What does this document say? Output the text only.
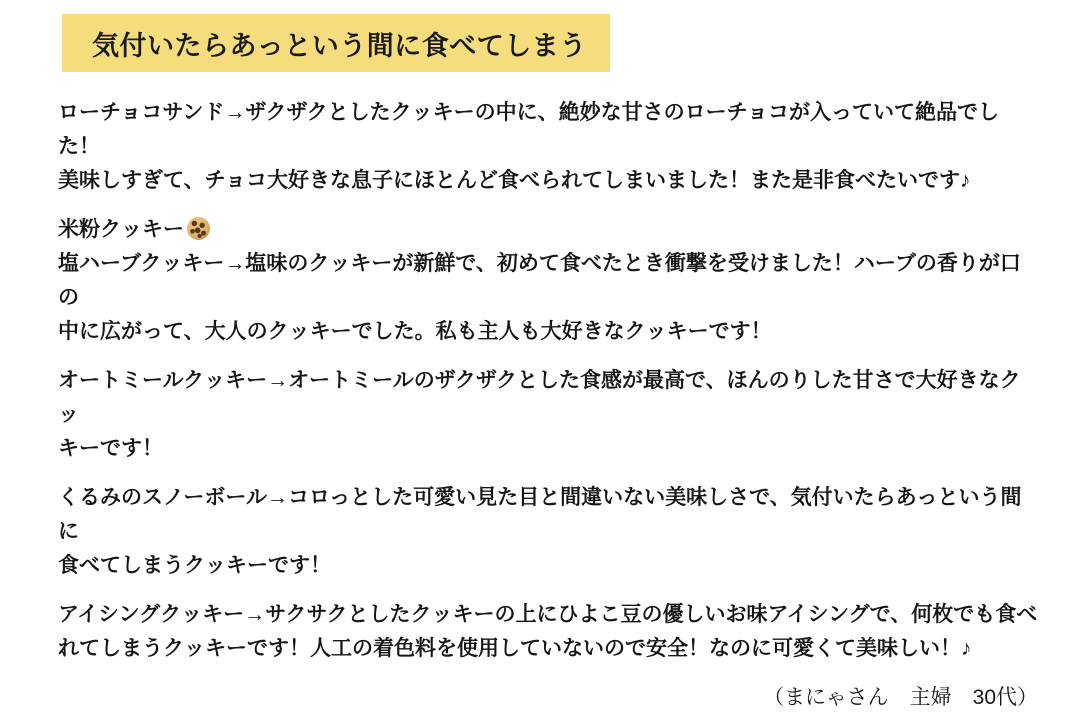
気付いたらあっという間に食べてしまう
ローチョコサンド→ザクザクとしたクッキーの中に、絶妙な甘さのローチョコが入っていて絶品でした！
美味しすぎて、チョコ大好きな息子にほとんど食べられてしまいました！また是非食べたいです♪
米粉クッキー
塩ハーブクッキー→塩味のクッキーが新鮮で、初めて食べたとき衝撃を受けました！ハーブの香りが口の
中に広がって、大人のクッキーでした。私も主人も大好きなクッキーです！
オートミールクッキー→オートミールのザクザクとした食感が最高で、ほんのりした甘さで大好きなクッ
キーです！
くるみのスノーボール→コロっとした可愛い見た目と間違いない美味しさで、気付いたらあっという間に
食べてしまうクッキーです！
アイシングクッキー→サクサクとしたクッキーの上にひよこ豆の優しいお味アイシングで、何枚でも食べ
れてしまうクッキーです！人工の着色料を使用していないので安全！なのに可愛くて美味しい！♪
（まにゃさん　主婦　30代）
